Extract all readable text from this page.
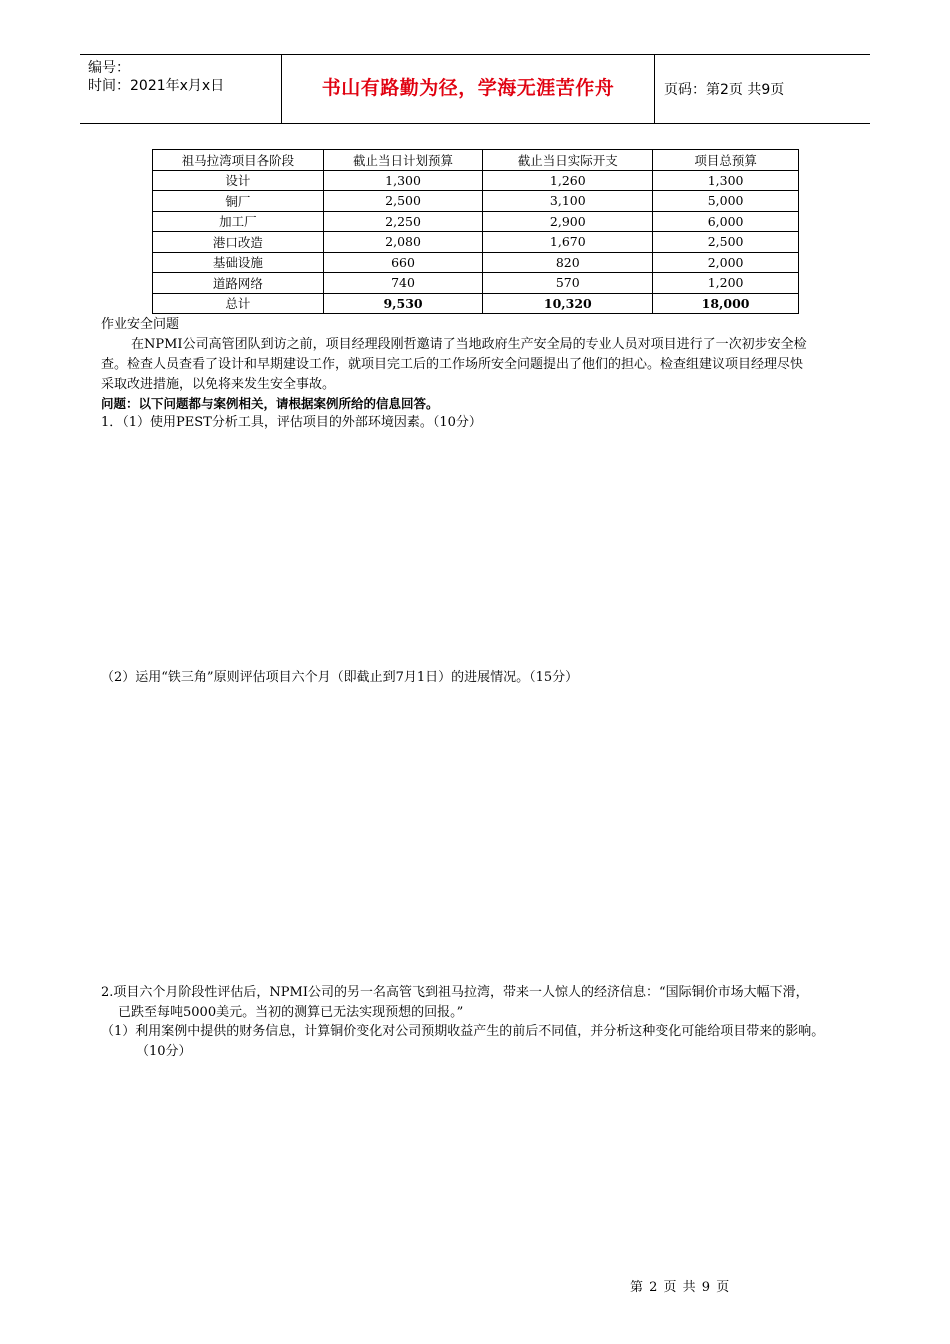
编号：
时间：2021年x月x日	书山有路勤为径，学海无涯苦作舟	页码：第2页 共9页
祖马拉湾项目各阶段	截止当日计划预算	截止当日实际开支	项目总预算
设计	1,300	1,260	1,300
铜厂	2,500	3,100	5,000
加工厂	2,250	2,900	6,000
港口改造	2,080	1,670	2,500
基础设施	660	820	2,000
道路网络	740	570	1,200
总计	9,530	10,320	18,000
作业安全问题
在NPMI公司高管团队到访之前，项目经理段刚哲邀请了当地政府生产安全局的专业人员对项目进行了一次初步安全检
查。检查人员查看了设计和早期建设工作，就项目完工后的工作场所安全问题提出了他们的担心。检查组建议项目经理尽快
采取改进措施，以免将来发生安全事故。
问题：以下问题都与案例相关，请根据案例所给的信息回答。
1．（1）使用PEST分析工具，评估项目的外部环境因素。（10分）
（2）运用“铁三角”原则评估项目六个月（即截止到7月1日）的进展情况。（15分）
2.项目六个月阶段性评估后，NPMI公司的另一名高管飞到祖马拉湾，带来一人惊人的经济信息：“国际铜价市场大幅下滑，
已跌至每吨5000美元。当初的测算已无法实现预想的回报。”
（1）利用案例中提供的财务信息，计算铜价变化对公司预期收益产生的前后不同值，并分析这种变化可能给项目带来的影响。
（10分）
第 2 页 共 9 页
